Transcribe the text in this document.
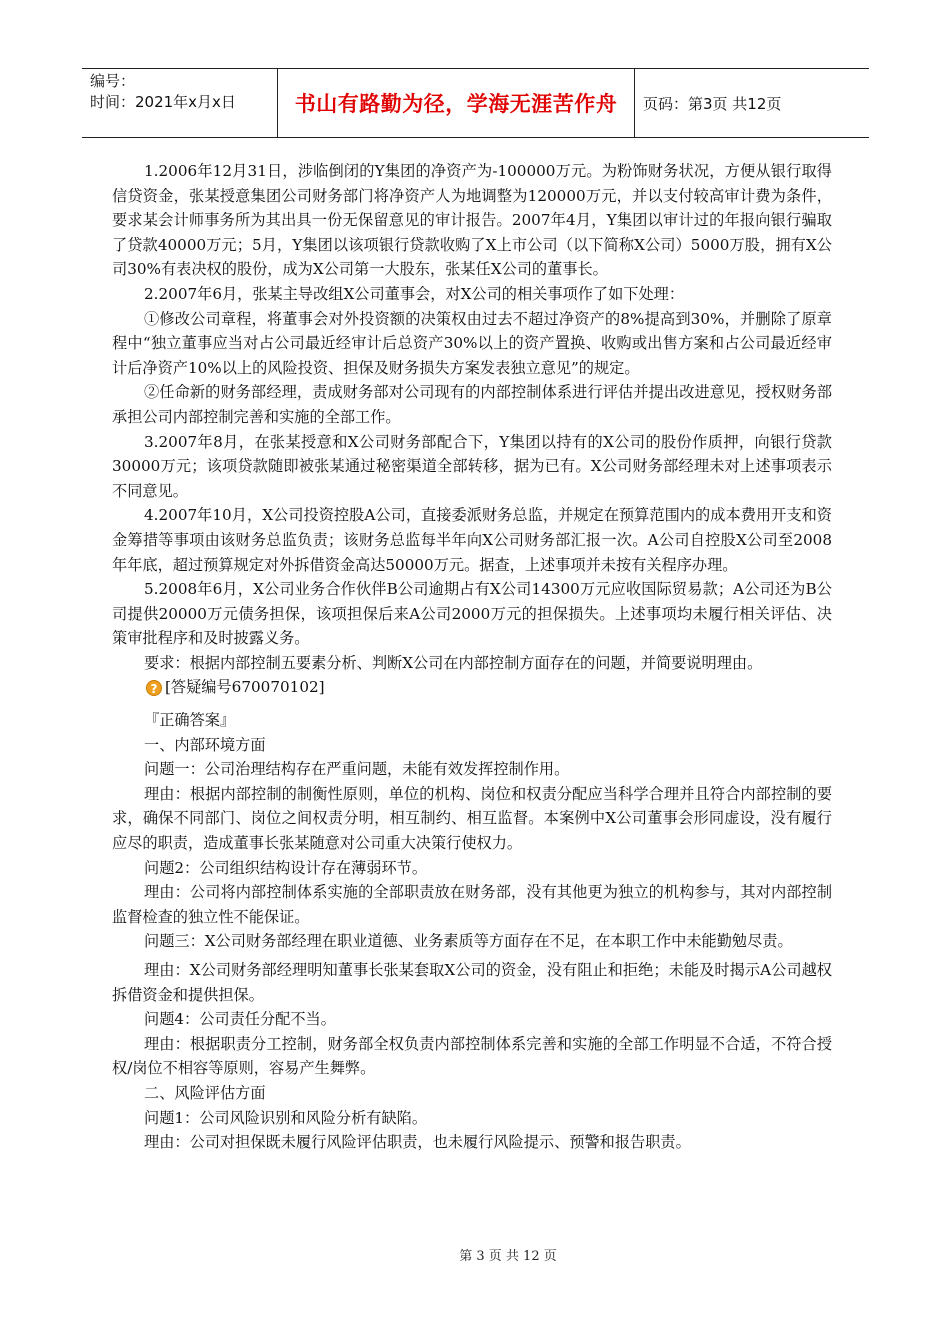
编号：
时间：2021年x月x日	书山有路勤为径，学海无涯苦作舟 页码：第3页 共12页

1.2006年12月31日，涉临倒闭的Y集团的净资产为-100000万元。为粉饰财务状况，方便从银行取得信贷资金，张某授意集团公司财务部门将净资产人为地调整为120000万元，并以支付较高审计费为条件，要求某会计师事务所为其出具一份无保留意见的审计报告。2007年4月，Y集团以审计过的年报向银行骗取了贷款40000万元；5月，Y集团以该项银行贷款收购了X上市公司（以下简称X公司）5000万股，拥有X公司30%有表决权的股份，成为X公司第一大股东，张某任X公司的董事长。

2.2007年6月，张某主导改组X公司董事会，对X公司的相关事项作了如下处理：

①修改公司章程，将董事会对外投资额的决策权由过去不超过净资产的8%提高到30%，并删除了原章程中“独立董事应当对占公司最近经审计后总资产30%以上的资产置换、收购或出售方案和占公司最近经审计后净资产10%以上的风险投资、担保及财务损失方案发表独立意见”的规定。

②任命新的财务部经理，责成财务部对公司现有的内部控制体系进行评估并提出改进意见，授权财务部承担公司内部控制完善和实施的全部工作。

3.2007年8月，在张某授意和X公司财务部配合下，Y集团以持有的X公司的股份作质押，向银行贷款30000万元；该项贷款随即被张某通过秘密渠道全部转移，据为已有。X公司财务部经理未对上述事项表示不同意见。

4.2007年10月，X公司投资控股A公司，直接委派财务总监，并规定在预算范围内的成本费用开支和资金筹措等事项由该财务总监负责；该财务总监每半年向X公司财务部汇报一次。A公司自控股X公司至2008年年底，超过预算规定对外拆借资金高达50000万元。据查，上述事项并未按有关程序办理。

5.2008年6月，X公司业务合作伙伴B公司逾期占有X公司14300万元应收国际贸易款；A公司还为B公司提供20000万元债务担保，该项担保后来A公司2000万元的担保损失。上述事项均未履行相关评估、决策审批程序和及时披露义务。

要求：根据内部控制五要素分析、判断X公司在内部控制方面存在的问题，并简要说明理由。

? [答疑编号670070102]

『正确答案』

一、内部环境方面

问题一：公司治理结构存在严重问题，未能有效发挥控制作用。

理由：根据内部控制的制衡性原则，单位的机构、岗位和权责分配应当科学合理并且符合内部控制的要求，确保不同部门、岗位之间权责分明，相互制约、相互监督。本案例中X公司董事会形同虚设，没有履行应尽的职责，造成董事长张某随意对公司重大决策行使权力。

问题2：公司组织结构设计存在薄弱环节。

理由：公司将内部控制体系实施的全部职责放在财务部，没有其他更为独立的机构参与，其对内部控制监督检查的独立性不能保证。

问题三：X公司财务部经理在职业道德、业务素质等方面存在不足，在本职工作中未能勤勉尽责。

理由：X公司财务部经理明知董事长张某套取X公司的资金，没有阻止和拒绝；未能及时揭示A公司越权拆借资金和提供担保。

问题4：公司责任分配不当。

理由：根据职责分工控制，财务部全权负责内部控制体系完善和实施的全部工作明显不合适，不符合授权/岗位不相容等原则，容易产生舞弊。

二、风险评估方面

问题1：公司风险识别和风险分析有缺陷。

理由：公司对担保既未履行风险评估职责，也未履行风险提示、预警和报告职责。

第 3 页 共 12 页
